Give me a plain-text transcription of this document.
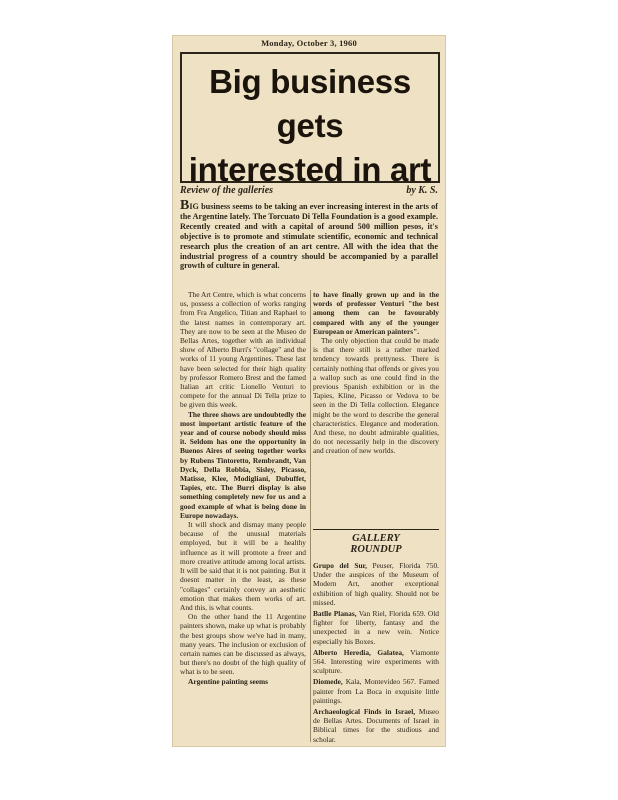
Monday, October 3, 1960
Big business gets
interested in art
Review of the galleries	by K. S.
BIG business seems to be taking an ever increasing interest in the arts of the Argentine lately. The Torcuato Di Tella Foundation is a good example. Recently created and with a capital of around 500 million pesos, it's objective is to promote and stimulate scientific, economic and technical research plus the creation of an art centre. All with the idea that the industrial progress of a country should be accompanied by a parallel growth of culture in general.

The Art Centre, which is what concerns us, possess a collection of works ranging from Fra Angelico, Titian and Raphael to the latest names in contemporary art. They are now to be seen at the Museo de Bellas Artes, together with an individual show of Alberto Burri's "collage" and the works of 11 young Argentines. These last have been selected for their high quality by professor Romero Brest and the famed Italian art critic Lionello Venturi to compete for the annual Di Tella prize to be given this week.

The three shows are undoubtedly the most important artistic feature of the year and of course nobody should miss it. Seldom has one the opportunity in Buenos Aires of seeing together works by Rubens Tintoretto, Rembrandt, Van Dyck, Della Robbia, Sisley, Picasso, Matisse, Klee, Modigliani, Dubuffet, Tapies, etc. The Burri display is also something completely new for us and a good example of what is being done in Europe nowadays.

It will shock and dismay many people because of the unusual materials employed, but it will be a healthy influence as it will promote a freer and more creative attitude among local artists. It will be said that it is not painting. But it doesnt matter in the least, as these "collages" certainly convey an aesthetic emotion that makes them works of art. And this, is what counts.

On the other hand the 11 Argentine painters shown, make up what is probably the best groups show we've had in many, many years. The inclusion or exclusion of certain names can be discussed as always, but there's no doubt of the high quality of what is to be seen.

Argentine painting seems

to have finally grown up and in the words of professor Venturi "the best among them can be favourably compared with any of the younger European or American painters".

The only objection that could be made is that there still is a rather marked tendency towards prettyness. There is certainly nothing that offends or gives you a wallop such as one could find in the previous Spanish exhibition or in the Tapies, Kline, Picasso or Vedova to be seen in the Di Tella collection. Elegance might be the word to describe the general characteristics. Elegance and moderation. And these, no doubt admirable qualities, do not necessarily help in the discovery and creation of new worlds.

GALLERY
ROUNDUP

Grupo del Sur, Peuser, Florida 750. Under the auspices of the Museum of Modern Art, another exceptional exhibition of high quality. Should not be missed.

Batlle Planas, Van Riel, Florida 659. Old fighter for liberty, fantasy and the unexpected in a new vein. Notice especially his Boxes.

Alberto Heredia, Galatea, Viamonte 564. Interesting wire experiments with sculpture.

Diomede, Kala, Montevideo 567. Famed painter from La Boca in exquisite little paintings.

Archaeological Finds in Israel, Museo de Bellas Artes. Documents of Israel in Biblical times for the studious and scholar.
